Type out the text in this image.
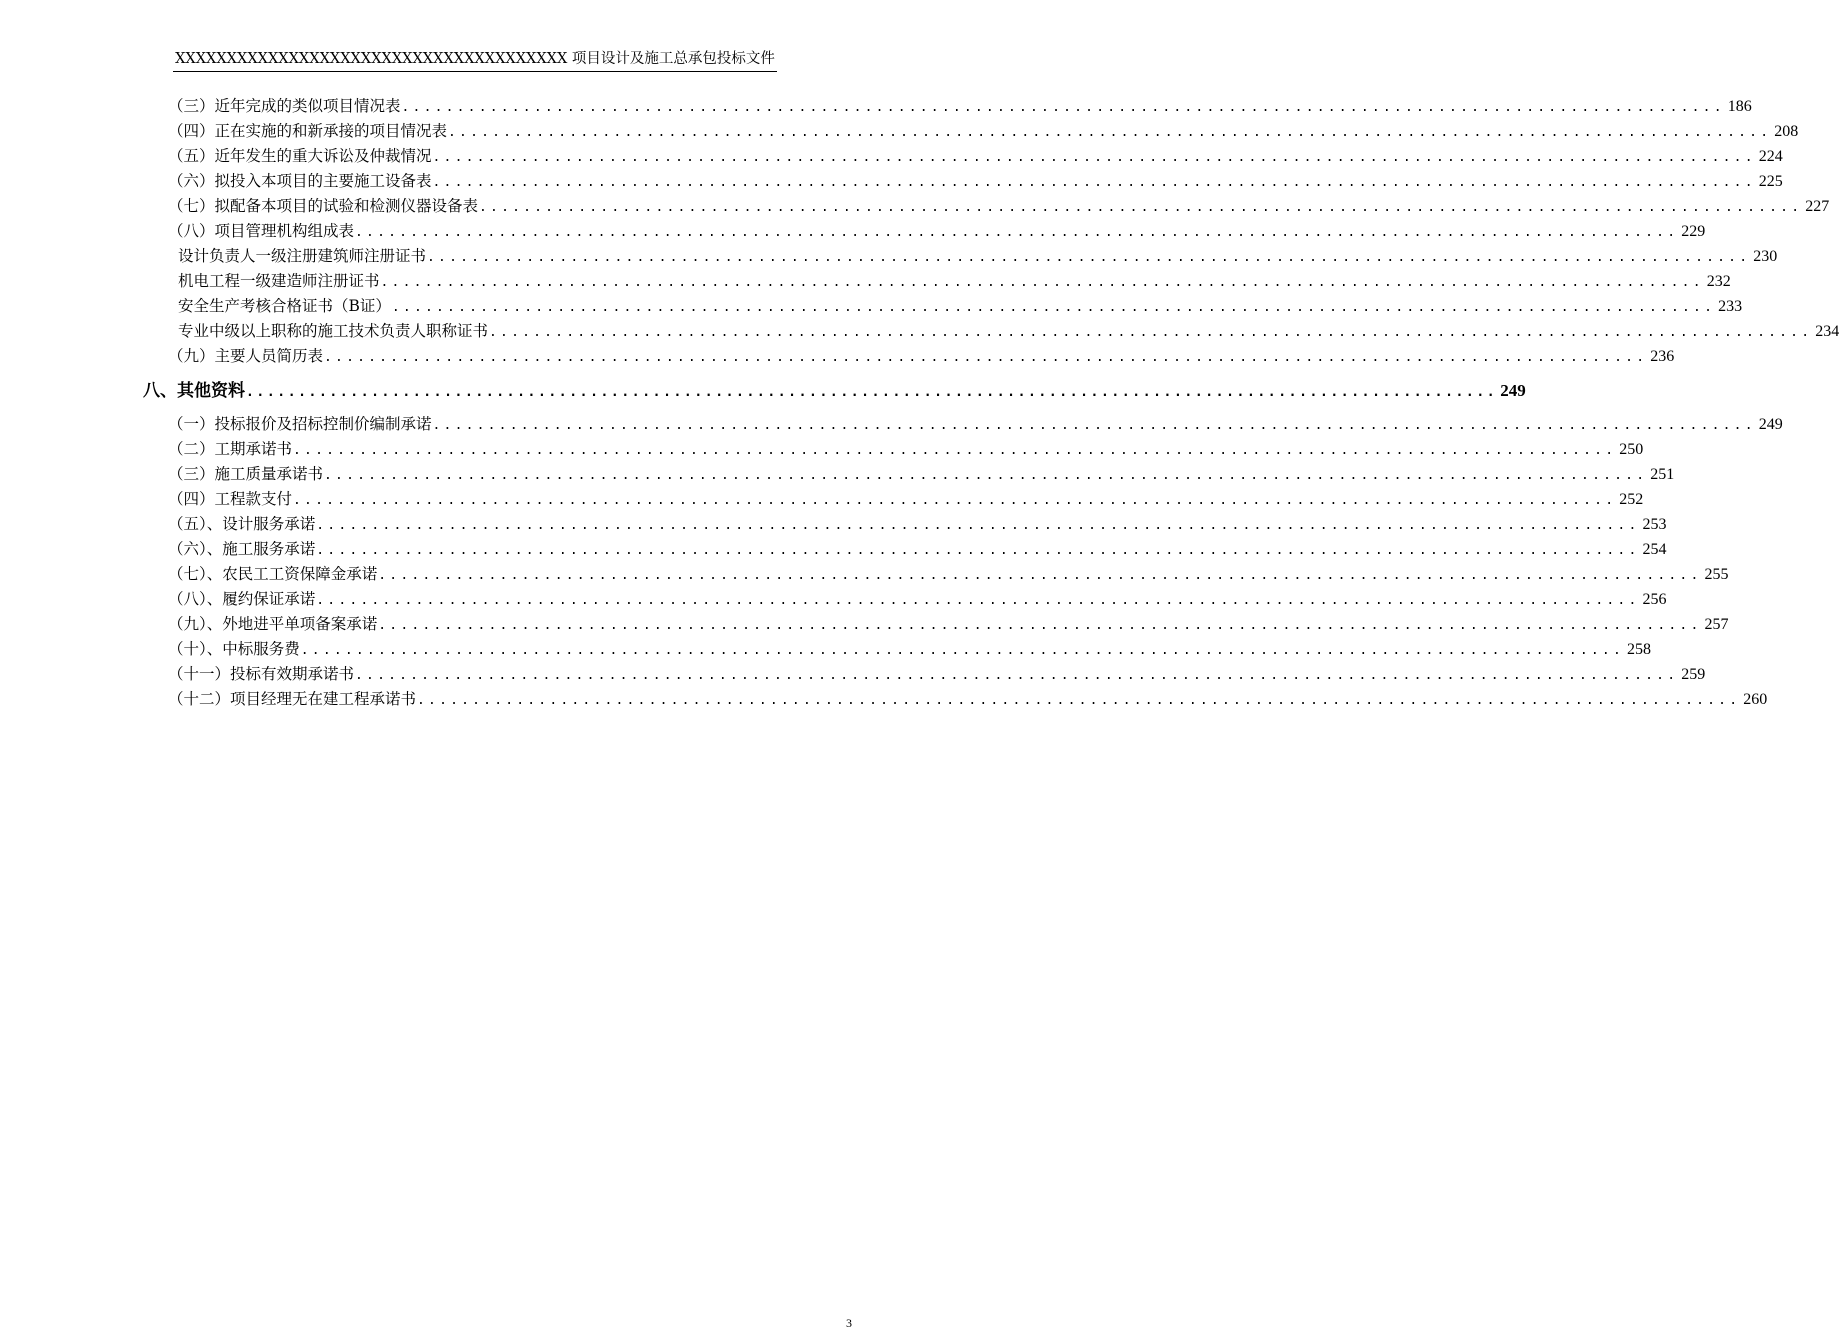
XXXXXXXXXXXXXXXXXXXXXXXXXXXXXXXXXXXXXX 项目设计及施工总承包投标文件
（三）近年完成的类似项目情况表 ........................................................................................................................ 186
（四）正在实施的和新承接的项目情况表 ........................................................................................................................ 208
（五）近年发生的重大诉讼及仲裁情况 ........................................................................................................................ 224
（六）拟投入本项目的主要施工设备表 ........................................................................................................................ 225
（七）拟配备本项目的试验和检测仪器设备表 ........................................................................................................................ 227
（八）项目管理机构组成表 ........................................................................................................................ 229
设计负责人一级注册建筑师注册证书 ........................................................................................................................ 230
机电工程一级建造师注册证书 ........................................................................................................................ 232
安全生产考核合格证书（B证） ........................................................................................................................ 233
专业中级以上职称的施工技术负责人职称证书 ........................................................................................................................ 234
（九）主要人员简历表 ........................................................................................................................ 236
八、其他资料 ........................................................................................................................ 249
（一）投标报价及招标控制价编制承诺 ........................................................................................................................ 249
（二）工期承诺书 ........................................................................................................................ 250
（三）施工质量承诺书 ........................................................................................................................ 251
（四）工程款支付 ........................................................................................................................ 252
（五）、设计服务承诺 ........................................................................................................................ 253
（六）、施工服务承诺 ........................................................................................................................ 254
（七）、农民工工资保障金承诺 ........................................................................................................................ 255
（八）、履约保证承诺 ........................................................................................................................ 256
（九）、外地进平单项备案承诺 ........................................................................................................................ 257
（十）、中标服务费 ........................................................................................................................ 258
（十一）投标有效期承诺书 ........................................................................................................................ 259
（十二）项目经理无在建工程承诺书 ........................................................................................................................ 260
3
